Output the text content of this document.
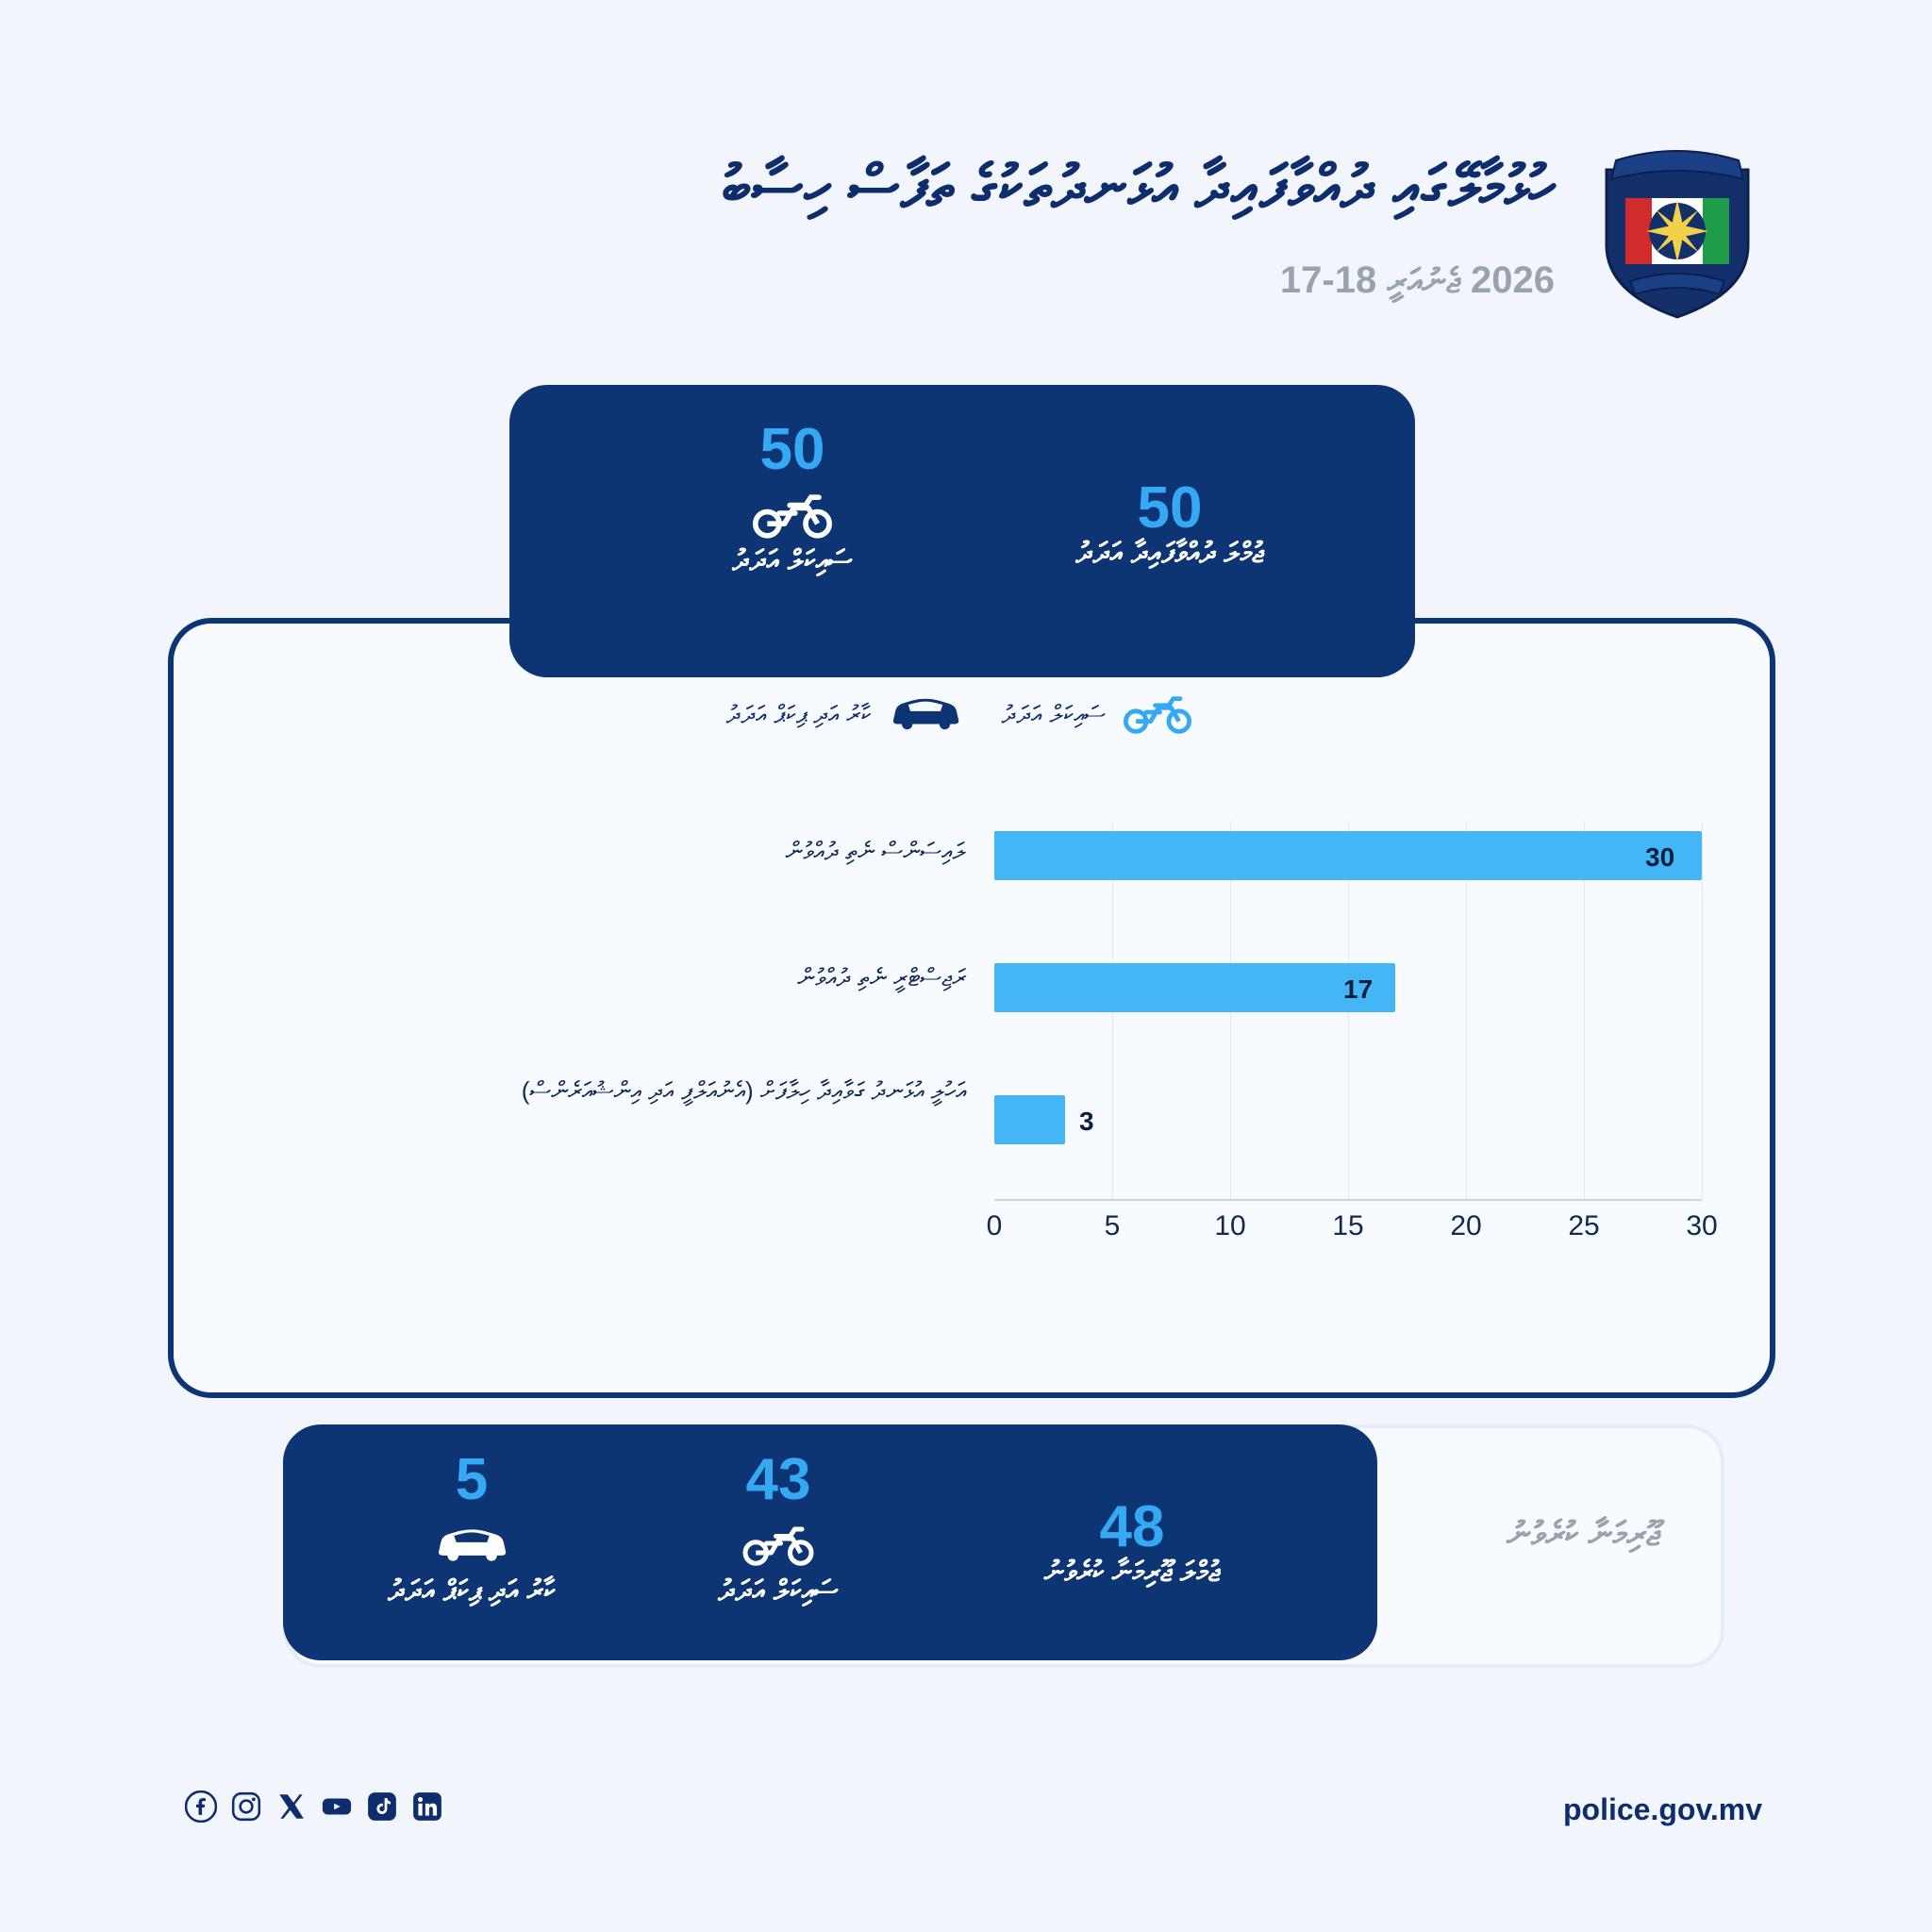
ހުޅުމާލޭގައި ދުއްވާފައިދާ އުޅަނދުތަކުގެ ތަފާސް ހިސާބު
2026 ޖެނުއަރީ 18-17
50
ސައިކަލް އަދަދު
50
ޖުމްލަ ދުއްވާފައިދާ އަދަދު
ސައިކަލް އަދަދު
ކާރު އަދި ޕިކަޕް އަދަދު
ލައިސަންސް ނެތި ދުއްވުން
ރަޖިސްޓްރީ ނެތި ދުއްވުން
އަހުލީ އުޅަނދު ގަވާއިދާ ހިލާފަށް (އެނުއަލްފީ އަދި އިންޝުއަރެންސް)
30
17
3
0	5	10	15	20	25	30
ޖޫރިމަނާ ކުރެވުނު
5
ކާރު އަދި ޕިކަޕް އަދަދު
43
ސައިކަލް އަދަދު
48
ޖުމްލަ ޖޫރިމަނާ ކުރެވުނު
police.gov.mv
